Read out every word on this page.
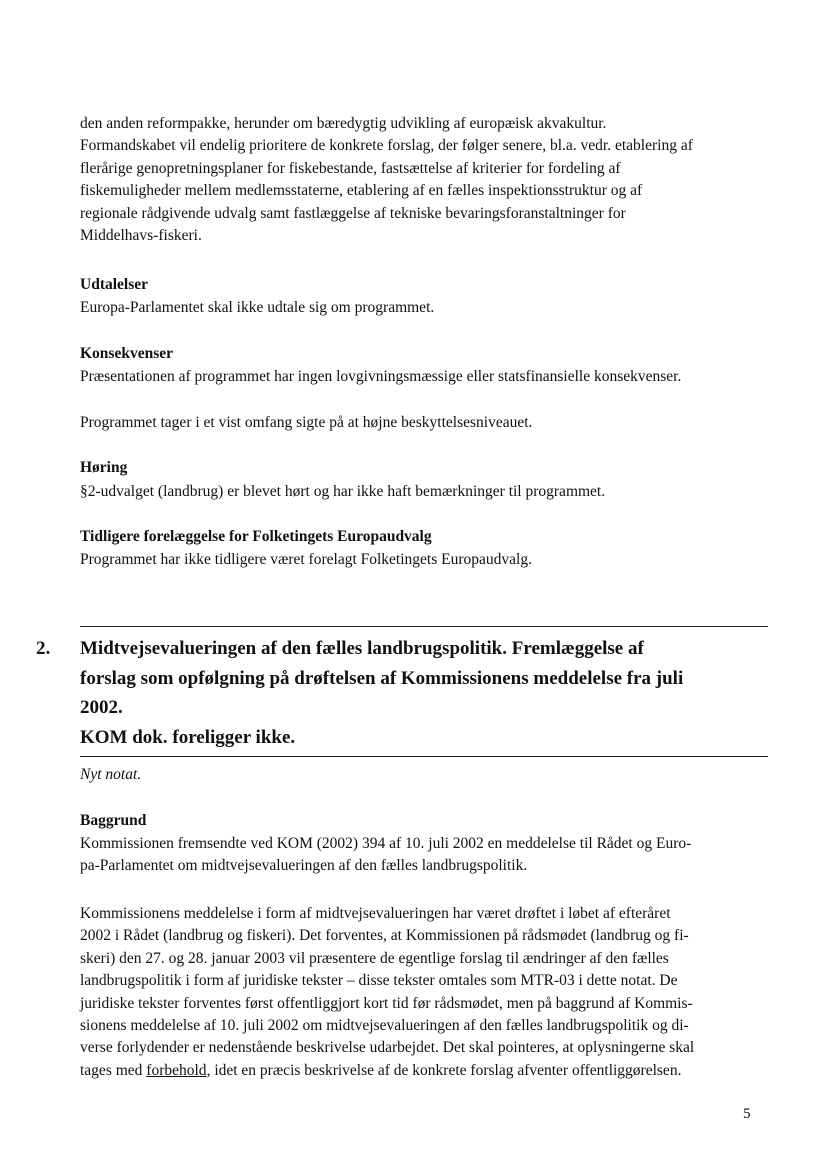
den anden reformpakke, herunder om bæredygtig udvikling af europæisk akvakultur.
Formandskabet vil endelig prioritere de konkrete forslag, der følger senere, bl.a. vedr. etablering af
flerårige genopretningsplaner for fiskebestande, fastsættelse af kriterier for fordeling af
fiskemuligheder mellem medlemsstaterne, etablering af en fælles inspektionsstruktur og af
regionale rådgivende udvalg samt fastlæggelse af tekniske bevaringsforanstaltninger for
Middelhavs-fiskeri.
Udtalelser
Europa-Parlamentet skal ikke udtale sig om programmet.
Konsekvenser
Præsentationen af programmet har ingen lovgivningsmæssige eller statsfinansielle konsekvenser.
Programmet tager i et vist omfang sigte på at højne beskyttelsesniveauet.
Høring
§2-udvalget (landbrug) er blevet hørt og har ikke haft bemærkninger til programmet.
Tidligere forelæggelse for Folketingets Europaudvalg
Programmet har ikke tidligere været forelagt Folketingets Europaudvalg.
2. Midtvejsevalueringen af den fælles landbrugspolitik. Fremlæggelse af
forslag som opfølgning på drøftelsen af Kommissionens meddelelse fra juli
2002.
KOM dok. foreligger ikke.
Nyt notat.
Baggrund
Kommissionen fremsendte ved KOM (2002) 394 af 10. juli 2002 en meddelelse til Rådet og Euro-
pa-Parlamentet om midtvejsevalueringen af den fælles landbrugspolitik.
Kommissionens meddelelse i form af midtvejsevalueringen har været drøftet i løbet af efteråret
2002 i Rådet (landbrug og fiskeri). Det forventes, at Kommissionen på rådsmødet (landbrug og fi-
skeri) den 27. og 28. januar 2003 vil præsentere de egentlige forslag til ændringer af den fælles
landbrugspolitik i form af juridiske tekster – disse tekster omtales som MTR-03 i dette notat. De
juridiske tekster forventes først offentliggjort kort tid før rådsmødet, men på baggrund af Kommis-
sionens meddelelse af 10. juli 2002 om midtvejsevalueringen af den fælles landbrugspolitik og di-
verse forlydender er nedenstående beskrivelse udarbejdet. Det skal pointeres, at oplysningerne skal
tages med forbehold, idet en præcis beskrivelse af de konkrete forslag afventer offentliggørelsen.
5
